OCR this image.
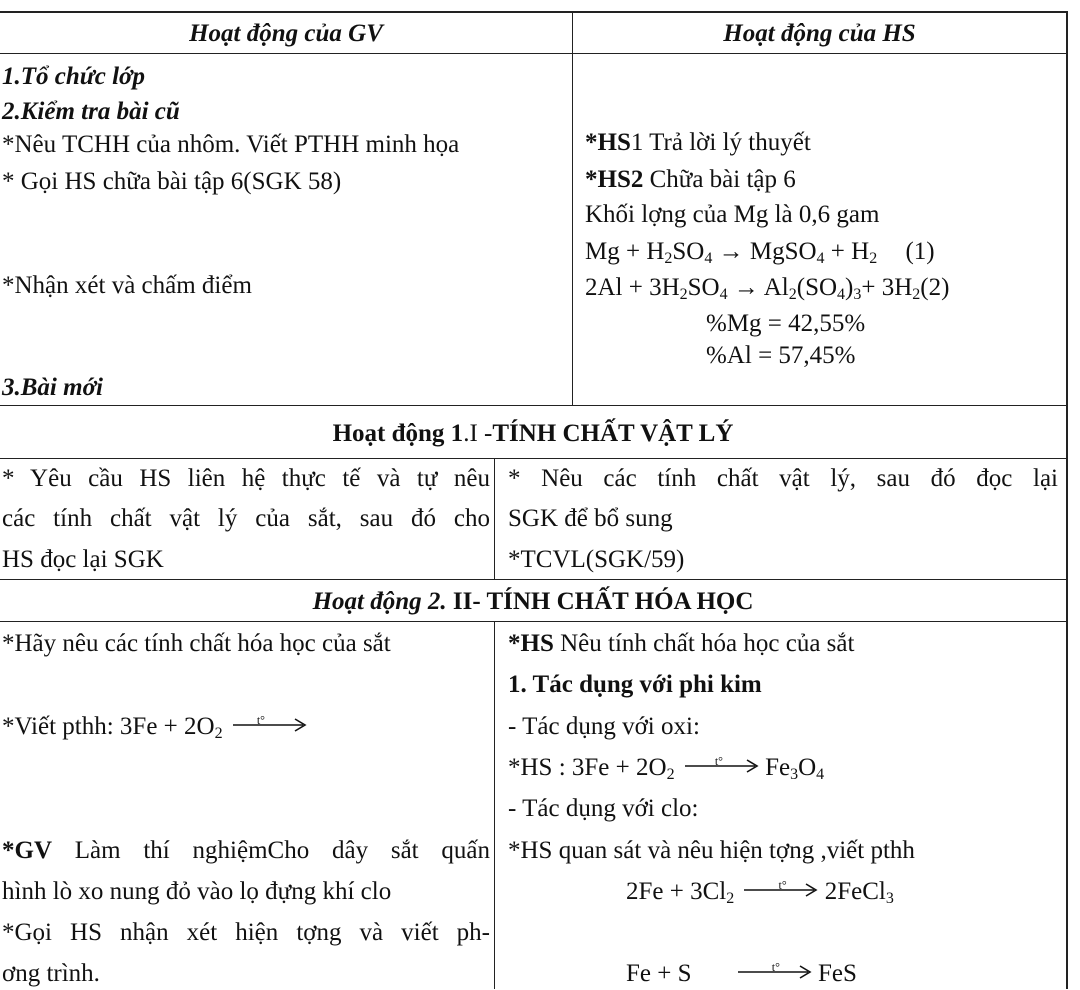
Hoạt động của GV	Hoạt động của HS
1.Tổ chức lớp
2.Kiểm tra bài cũ
*Nêu TCHH của nhôm. Viết PTHH minh họa
* Gọi HS chữa bài tập 6(SGK 58)
*Nhận xét và chấm điểm
3.Bài mới
*HS1 Trả lời lý thuyết
*HS2 Chữa bài tập 6
Khối lợng của Mg là 0,6 gam
$Mg + H_2SO_4$ → MgSO$_4$ + $H_2$ (1)
$2Al + 3H_2SO_4 \to Al_2(SO_4)_3+ 3H_2(2)$
%Mg = 42,55%
%Al = 57,45%
Hoạt động 1.I -TÍNH CHẤT VẬT LÝ
* Yêu cầu HS liên hệ thực tế và tự nêu
các tính chất vật lý của sắt, sau đó cho
HS đọc lại SGK
* Nêu các tính chất vật lý, sau đó đọc lại
SGK để bổ sung
*TCVL(SGK/59)
Hoạt động 2. II- TÍNH CHẤT HÓA HỌC
*Hãy nêu các tính chất hóa học của sắt
*Viết pthh: $3Fe + 2O_2$
t°
*GV Làm thí nghiệmCho dây sắt quấn
hình lò xo nung đỏ vào lọ đựng khí clo
*Gọi HS nhận xét hiện tợng và viết ph-
ơng trình.
*HS Nêu tính chất hóa học của sắt
1. Tác dụng với phi kim
- Tác dụng với oxi:
*HS : $3Fe + 2O_2$
t° $Fe_3O_4$
- Tác dụng với clo:
*HS quan sát và nêu hiện tợng ,viết pthh
$2Fe + 3Cl_2$
t° 2FeCl$_3$
Fe + S	t° FeS
